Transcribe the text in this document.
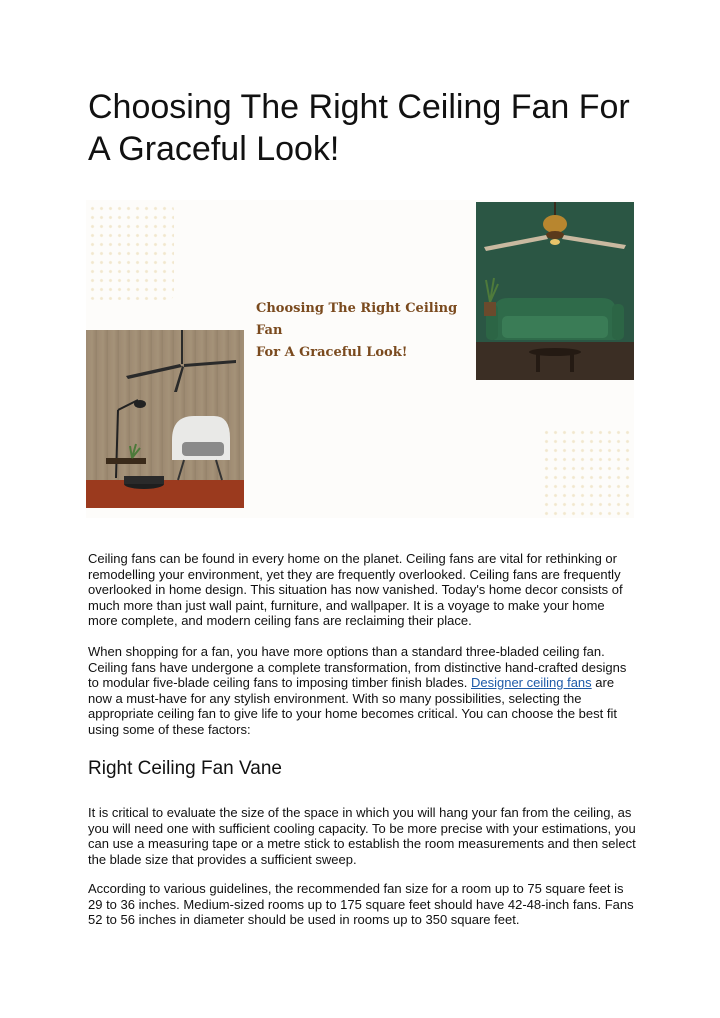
Choosing The Right Ceiling Fan For A Graceful Look!
Choosing The Right Ceiling Fan
For A Graceful Look!

Ceiling fans can be found in every home on the planet. Ceiling fans are vital for rethinking or remodelling your environment, yet they are frequently overlooked. Ceiling fans are frequently overlooked in home design. This situation has now vanished. Today's home decor consists of much more than just wall paint, furniture, and wallpaper. It is a voyage to make your home more complete, and modern ceiling fans are reclaiming their place.

When shopping for a fan, you have more options than a standard three-bladed ceiling fan. Ceiling fans have undergone a complete transformation, from distinctive hand-crafted designs to modular five-blade ceiling fans to imposing timber finish blades. Designer ceiling fans are now a must-have for any stylish environment. With so many possibilities, selecting the appropriate ceiling fan to give life to your home becomes critical. You can choose the best fit using some of these factors:

Right Ceiling Fan Vane

It is critical to evaluate the size of the space in which you will hang your fan from the ceiling, as you will need one with sufficient cooling capacity. To be more precise with your estimations, you can use a measuring tape or a metre stick to establish the room measurements and then select the blade size that provides a sufficient sweep.

According to various guidelines, the recommended fan size for a room up to 75 square feet is 29 to 36 inches. Medium-sized rooms up to 175 square feet should have 42-48-inch fans. Fans 52 to 56 inches in diameter should be used in rooms up to 350 square feet.
